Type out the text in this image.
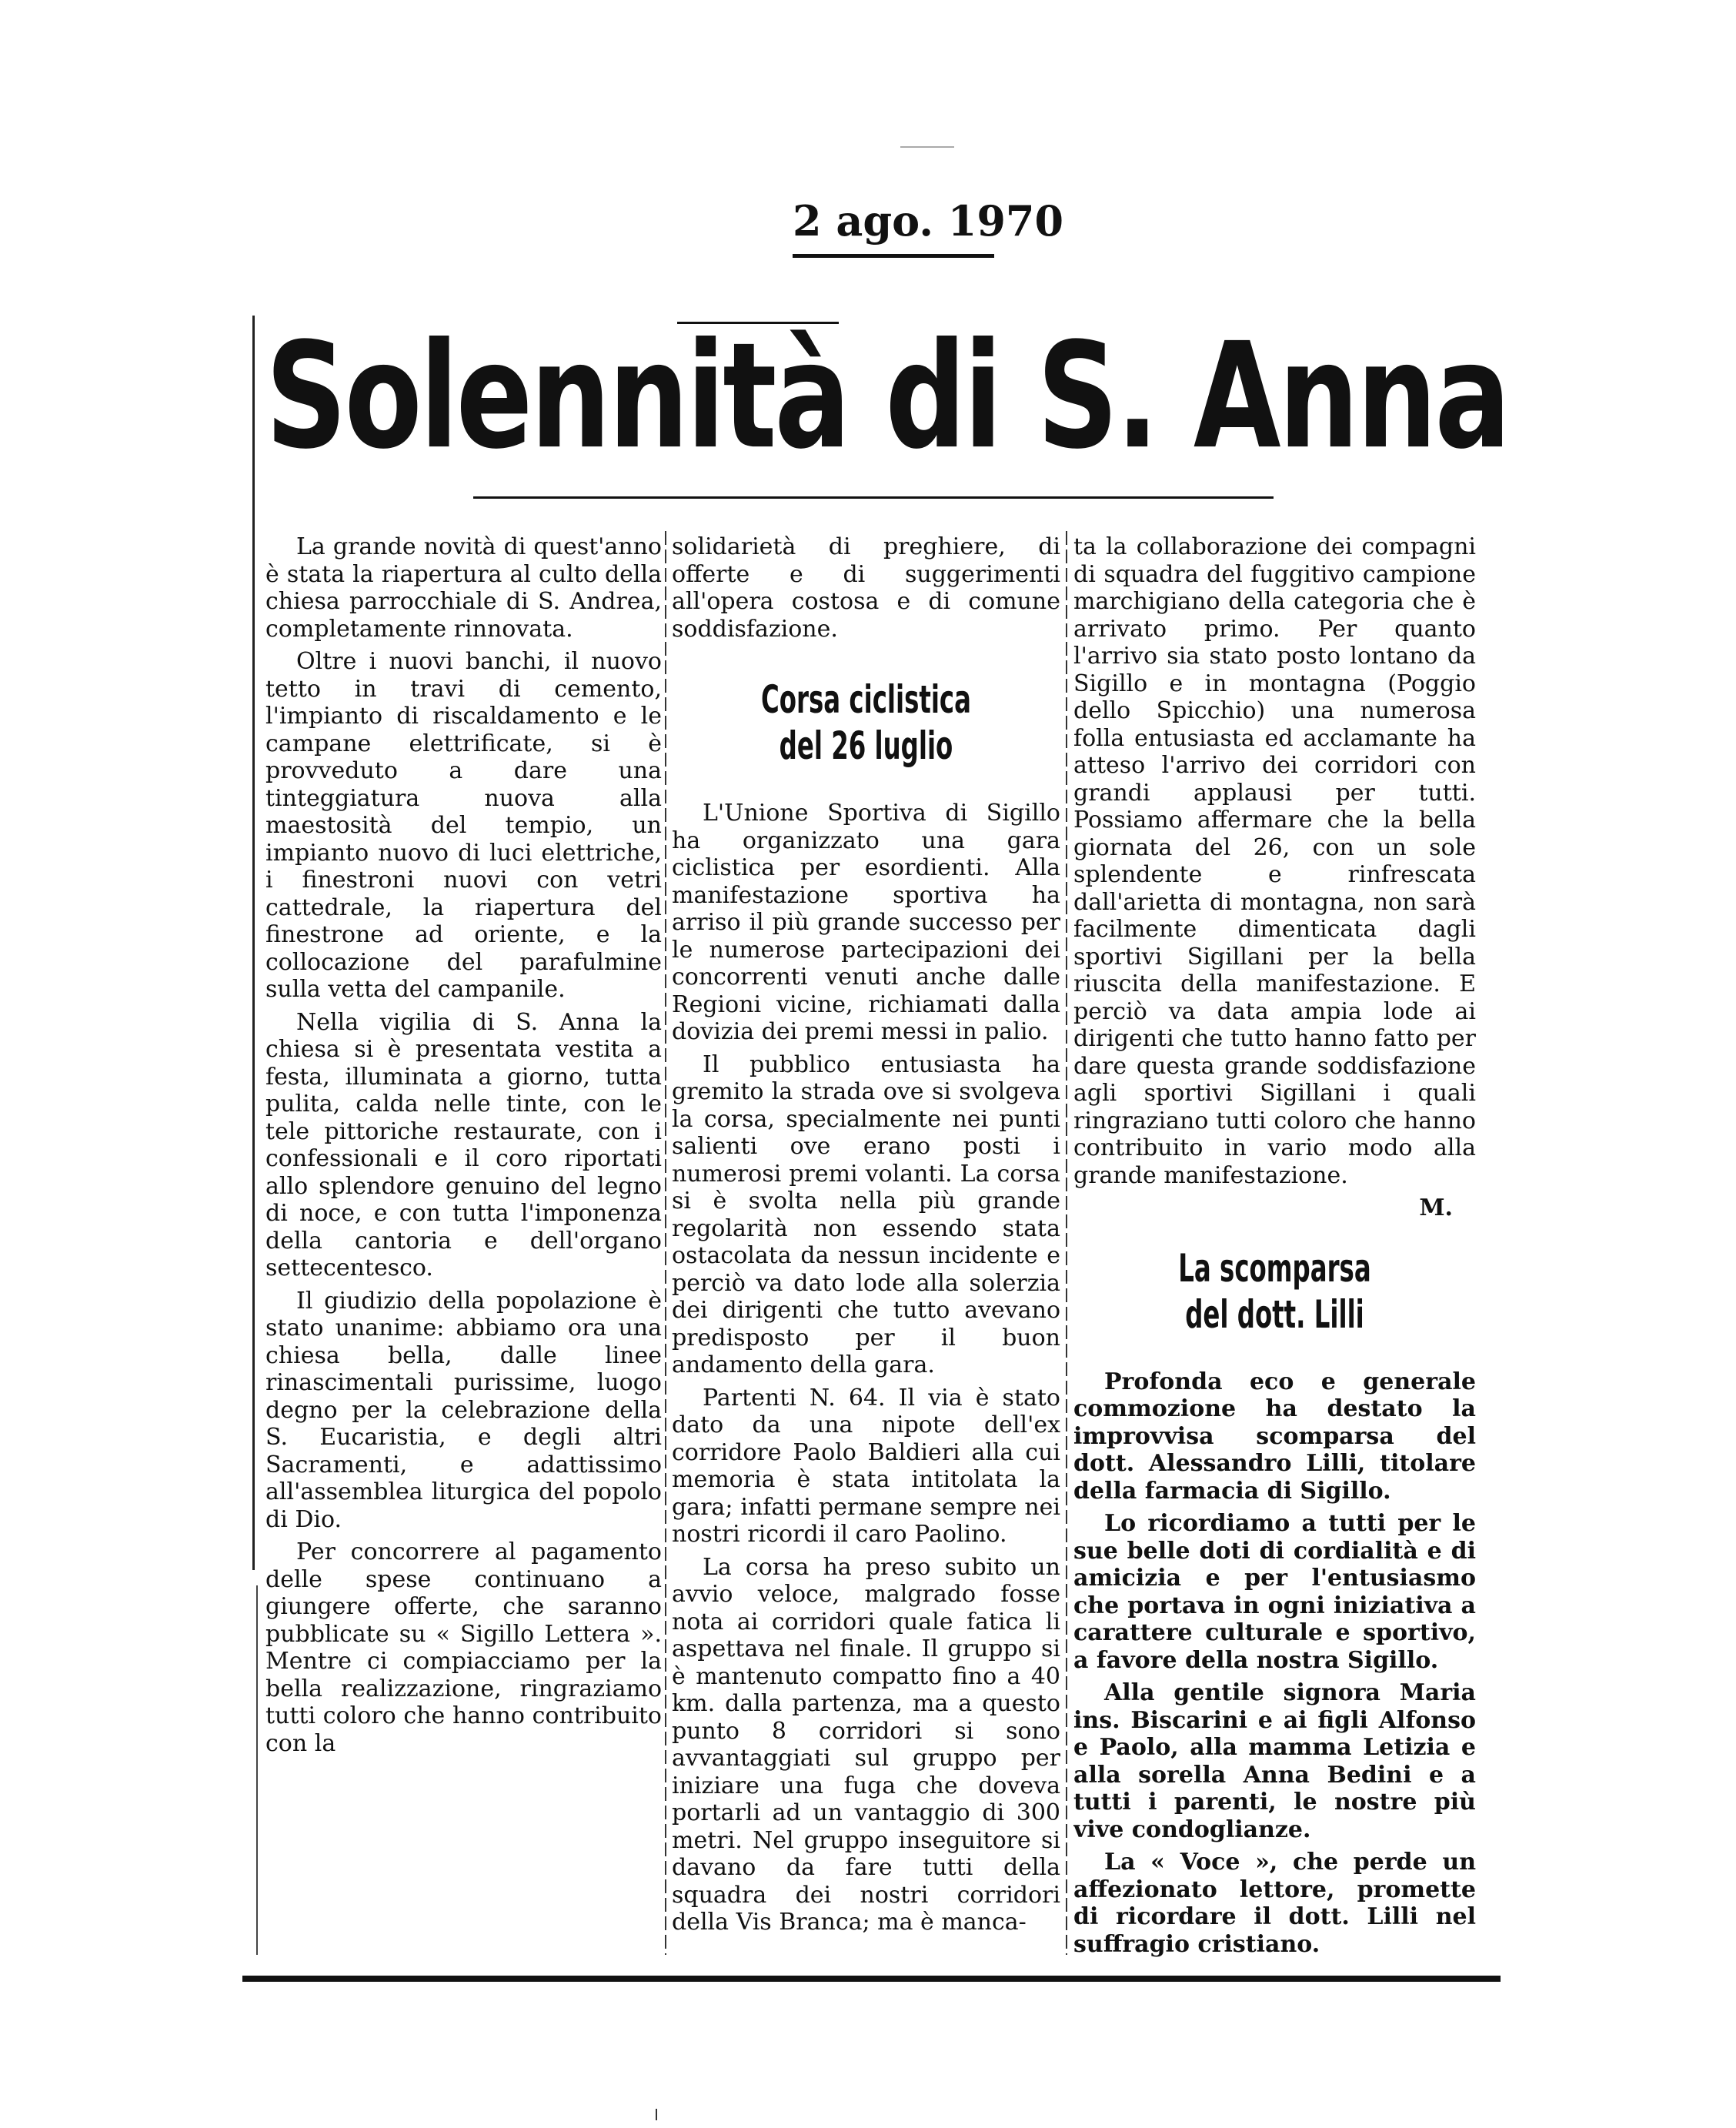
2 ago. 1970
Solennità di S. Anna

La grande novità di quest'anno è stata la riapertura al culto della chiesa parrocchiale di S. Andrea, completamente rinnovata.

Oltre i nuovi banchi, il nuovo tetto in travi di cemento, l'impianto di riscaldamento e le campane elettrificate, si è provveduto a dare una tinteggiatura nuova alla maestosità del tempio, un impianto nuovo di luci elettriche, i finestroni nuovi con vetri cattedrale, la riapertura del finestrone ad oriente, e la collocazione del parafulmine sulla vetta del campanile.

Nella vigilia di S. Anna la chiesa si è presentata vestita a festa, illuminata a giorno, tutta pulita, calda nelle tinte, con le tele pittoriche restaurate, con i confessionali e il coro riportati allo splendore genuino del legno di noce, e con tutta l'imponenza della cantoria e dell'organo settecentesco.

Il giudizio della popolazione è stato unanime: abbiamo ora una chiesa bella, dalle linee rinascimentali purissime, luogo degno per la celebrazione della S. Eucaristia, e degli altri Sacramenti, e adattissimo all'assemblea liturgica del popolo di Dio.

Per concorrere al pagamento delle spese continuano a giungere offerte, che saranno pubblicate su « Sigillo Lettera ». Mentre ci compiacciamo per la bella realizzazione, ringraziamo tutti coloro che hanno contribuito con la

solidarietà di preghiere, di offerte e di suggerimenti all'opera costosa e di comune soddisfazione.

Corsa ciclistica
del 26 luglio

L'Unione Sportiva di Sigillo ha organizzato una gara ciclistica per esordienti. Alla manifestazione sportiva ha arriso il più grande successo per le numerose partecipazioni dei concorrenti venuti anche dalle Regioni vicine, richiamati dalla dovizia dei premi messi in palio.

Il pubblico entusiasta ha gremito la strada ove si svolgeva la corsa, specialmente nei punti salienti ove erano posti i numerosi premi volanti. La corsa si è svolta nella più grande regolarità non essendo stata ostacolata da nessun incidente e perciò va dato lode alla solerzia dei dirigenti che tutto avevano predisposto per il buon andamento della gara.

Partenti N. 64. Il via è stato dato da una nipote dell'ex corridore Paolo Baldieri alla cui memoria è stata intitolata la gara; infatti permane sempre nei nostri ricordi il caro Paolino.

La corsa ha preso subito un avvio veloce, malgrado fosse nota ai corridori quale fatica li aspettava nel finale. Il gruppo si è mantenuto compatto fino a 40 km. dalla partenza, ma a questo punto 8 corridori si sono avvantaggiati sul gruppo per iniziare una fuga che doveva portarli ad un vantaggio di 300 metri. Nel gruppo inseguitore si davano da fare tutti della squadra dei nostri corridori della Vis Branca; ma è manca-

ta la collaborazione dei compagni di squadra del fuggitivo campione marchigiano della categoria che è arrivato primo. Per quanto l'arrivo sia stato posto lontano da Sigillo e in montagna (Poggio dello Spicchio) una numerosa folla entusiasta ed acclamante ha atteso l'arrivo dei corridori con grandi applausi per tutti. Possiamo affermare che la bella giornata del 26, con un sole splendente e rinfrescata dall'arietta di montagna, non sarà facilmente dimenticata dagli sportivi Sigillani per la bella riuscita della manifestazione. E perciò va data ampia lode ai dirigenti che tutto hanno fatto per dare questa grande soddisfazione agli sportivi Sigillani i quali ringraziano tutti coloro che hanno contribuito in vario modo alla grande manifestazione.

M.
La scomparsa
del dott. Lilli

Profonda eco e generale commozione ha destato la improvvisa scomparsa del dott. Alessandro Lilli, titolare della farmacia di Sigillo.

Lo ricordiamo a tutti per le sue belle doti di cordialità e di amicizia e per l'entusiasmo che portava in ogni iniziativa a carattere culturale e sportivo, a favore della nostra Sigillo.

Alla gentile signora Maria ins. Biscarini e ai figli Alfonso e Paolo, alla mamma Letizia e alla sorella Anna Bedini e a tutti i parenti, le nostre più vive condoglianze.

La « Voce », che perde un affezionato lettore, promette di ricordare il dott. Lilli nel suffragio cristiano.
